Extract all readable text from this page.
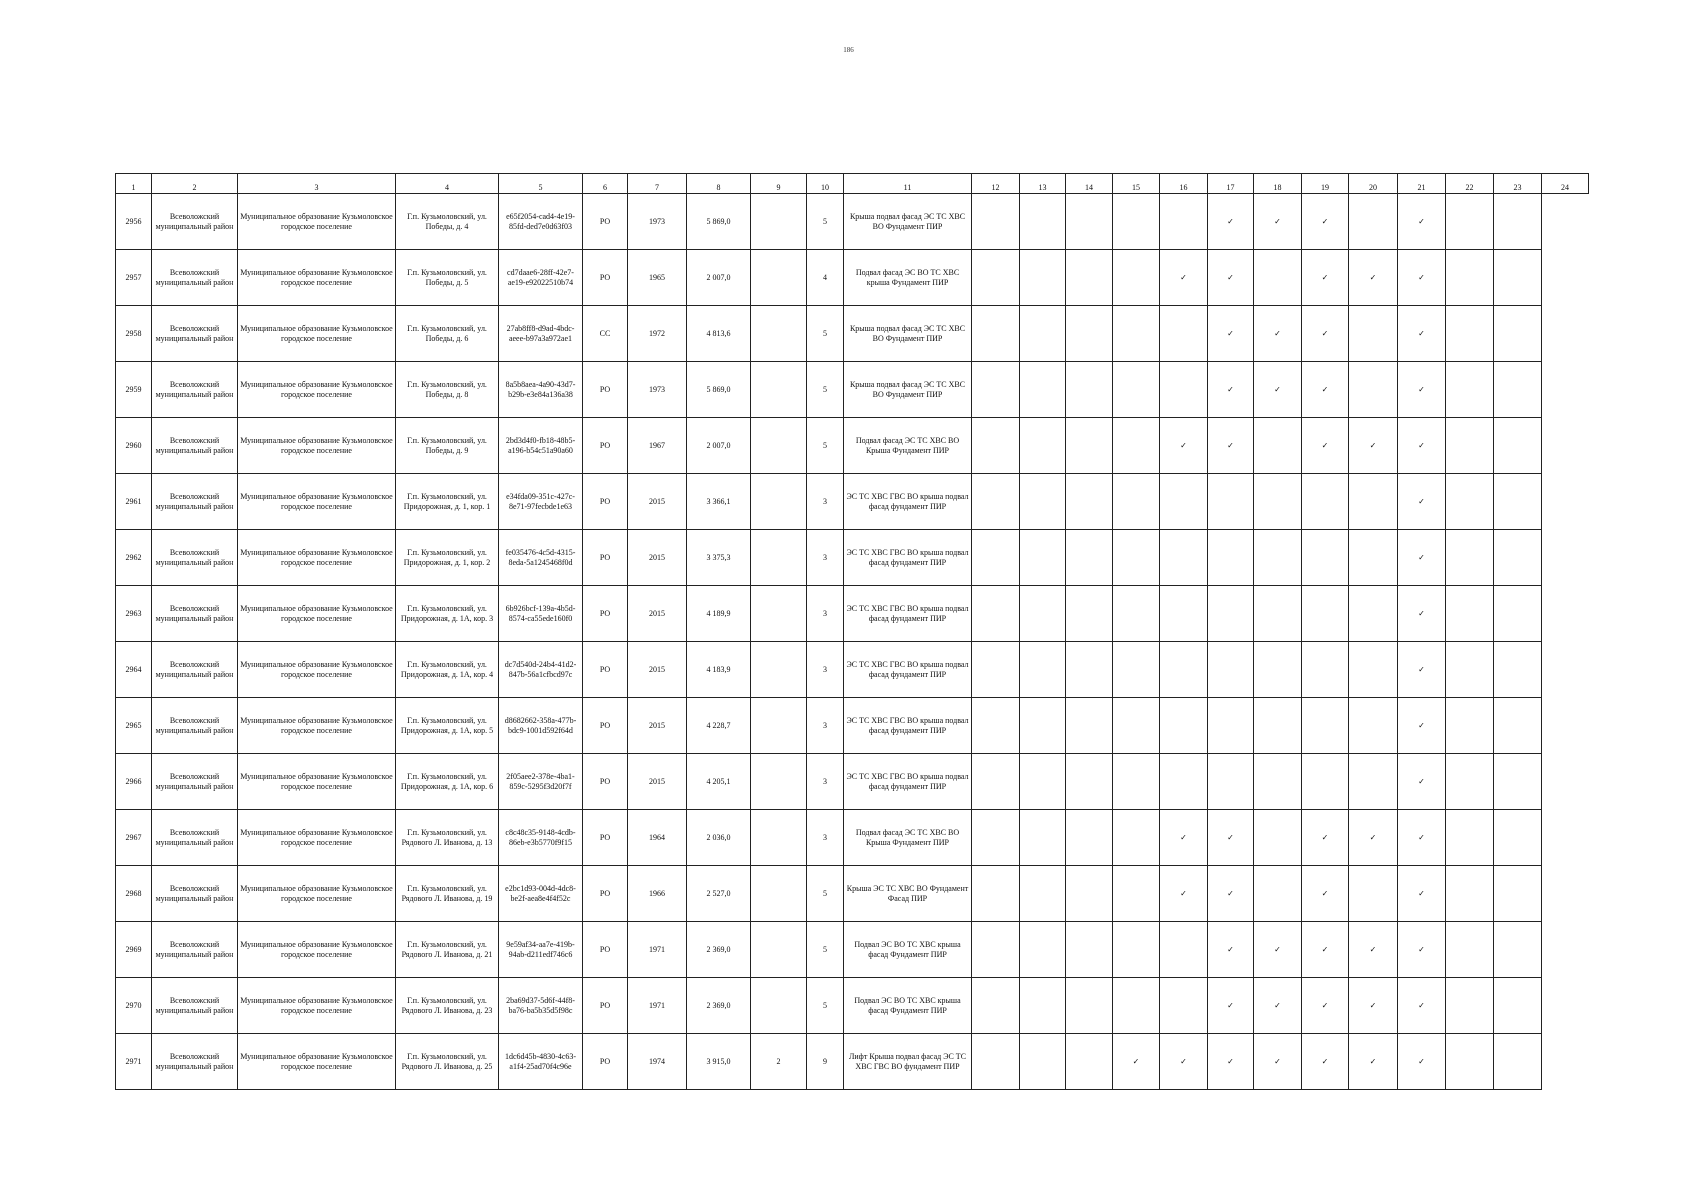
186
1	2	3	4	5	6	7	8	9	10	11	12	13	14	15	16	17	18	19	20	21	22	23	24
2956	Всеволожский муниципальный район	Муниципальное образование Кузьмоловское городское поселение	Г.п. Кузьмоловский, ул. Победы, д. 4	e65f2054-cad4-4e19-85fd-ded7e0d63f03	РО	1973	5 869,0		5	Крыша подвал фасад ЭС ТС ХВС ВО Фундамент ПИР						✓	✓	✓		✓			
2957	Всеволожский муниципальный район	Муниципальное образование Кузьмоловское городское поселение	Г.п. Кузьмоловский, ул. Победы, д. 5	cd7daae6-28ff-42e7-ae19-e92022510b74	РО	1965	2 007,0		4	Подвал фасад ЭС ВО ТС ХВС крыша Фундамент ПИР					✓	✓		✓	✓	✓			
2958	Всеволожский муниципальный район	Муниципальное образование Кузьмоловское городское поселение	Г.п. Кузьмоловский, ул. Победы, д. 6	27ab8ff8-d9ad-4bdc-aeee-b97a3a972ae1	СС	1972	4 813,6		5	Крыша подвал фасад ЭС ТС ХВС ВО Фундамент ПИР						✓	✓	✓		✓			
2959	Всеволожский муниципальный район	Муниципальное образование Кузьмоловское городское поселение	Г.п. Кузьмоловский, ул. Победы, д. 8	8a5b8aea-4a90-43d7-b29b-e3e84a136a38	РО	1973	5 869,0		5	Крыша подвал фасад ЭС ТС ХВС ВО Фундамент ПИР						✓	✓	✓		✓			
2960	Всеволожский муниципальный район	Муниципальное образование Кузьмоловское городское поселение	Г.п. Кузьмоловский, ул. Победы, д. 9	2bd3d4f0-fb18-48b5-a196-b54c51a90a60	РО	1967	2 007,0		5	Подвал фасад ЭС ТС ХВС ВО Крыша Фундамент ПИР					✓	✓		✓	✓	✓			
2961	Всеволожский муниципальный район	Муниципальное образование Кузьмоловское городское поселение	Г.п. Кузьмоловский, ул. Придорожная, д. 1, кор. 1	e34fda09-351c-427c-8e71-97fecbde1e63	РО	2015	3 366,1		3	ЭС ТС ХВС ГВС ВО крыша подвал фасад фундамент ПИР										✓			
2962	Всеволожский муниципальный район	Муниципальное образование Кузьмоловское городское поселение	Г.п. Кузьмоловский, ул. Придорожная, д. 1, кор. 2	fe035476-4c5d-4315-8eda-5a1245468f0d	РО	2015	3 375,3		3	ЭС ТС ХВС ГВС ВО крыша подвал фасад фундамент ПИР										✓			
2963	Всеволожский муниципальный район	Муниципальное образование Кузьмоловское городское поселение	Г.п. Кузьмоловский, ул. Придорожная, д. 1А, кор. 3	6b926bcf-139a-4b5d-8574-ca55ede160f0	РО	2015	4 189,9		3	ЭС ТС ХВС ГВС ВО крыша подвал фасад фундамент ПИР										✓			
2964	Всеволожский муниципальный район	Муниципальное образование Кузьмоловское городское поселение	Г.п. Кузьмоловский, ул. Придорожная, д. 1А, кор. 4	dc7d540d-24b4-41d2-847b-56a1cfbcd97c	РО	2015	4 183,9		3	ЭС ТС ХВС ГВС ВО крыша подвал фасад фундамент ПИР										✓			
2965	Всеволожский муниципальный район	Муниципальное образование Кузьмоловское городское поселение	Г.п. Кузьмоловский, ул. Придорожная, д. 1А, кор. 5	d8682662-358a-477b-bdc9-1001d592f64d	РО	2015	4 228,7		3	ЭС ТС ХВС ГВС ВО крыша подвал фасад фундамент ПИР										✓			
2966	Всеволожский муниципальный район	Муниципальное образование Кузьмоловское городское поселение	Г.п. Кузьмоловский, ул. Придорожная, д. 1А, кор. 6	2f05aee2-378e-4ba1-859c-5295f3d20f7f	РО	2015	4 205,1		3	ЭС ТС ХВС ГВС ВО крыша подвал фасад фундамент ПИР										✓			
2967	Всеволожский муниципальный район	Муниципальное образование Кузьмоловское городское поселение	Г.п. Кузьмоловский, ул. Рядового Л. Иванова, д. 13	c8c48c35-9148-4cdb-86eb-e3b5770f9f15	РО	1964	2 036,0		3	Подвал фасад ЭС ТС ХВС ВО Крыша Фундамент ПИР					✓	✓		✓	✓	✓			
2968	Всеволожский муниципальный район	Муниципальное образование Кузьмоловское городское поселение	Г.п. Кузьмоловский, ул. Рядового Л. Иванова, д. 19	e2bc1d93-004d-4dc8-be2f-aea8e4f4f52c	РО	1966	2 527,0		5	Крыша ЭС ТС ХВС ВО Фундамент Фасад ПИР					✓	✓		✓		✓			
2969	Всеволожский муниципальный район	Муниципальное образование Кузьмоловское городское поселение	Г.п. Кузьмоловский, ул. Рядового Л. Иванова, д. 21	9e59af34-aa7e-419b-94ab-d211edf746c6	РО	1971	2 369,0		5	Подвал ЭС ВО ТС ХВС крыша фасад Фундамент ПИР						✓	✓	✓	✓	✓			
2970	Всеволожский муниципальный район	Муниципальное образование Кузьмоловское городское поселение	Г.п. Кузьмоловский, ул. Рядового Л. Иванова, д. 23	2ba69d37-5d6f-44f8-ba76-ba5b35d5f98c	РО	1971	2 369,0		5	Подвал ЭС ВО ТС ХВС крыша фасад Фундамент ПИР						✓	✓	✓	✓	✓			
2971	Всеволожский муниципальный район	Муниципальное образование Кузьмоловское городское поселение	Г.п. Кузьмоловский, ул. Рядового Л. Иванова, д. 25	1dc6d45b-4830-4c63-a1f4-25ad70f4c96e	РО	1974	3 915,0	2	9	Лифт Крыша подвал фасад ЭС ТС ХВС ГВС ВО фундамент ПИР				✓	✓	✓	✓	✓	✓	✓			
